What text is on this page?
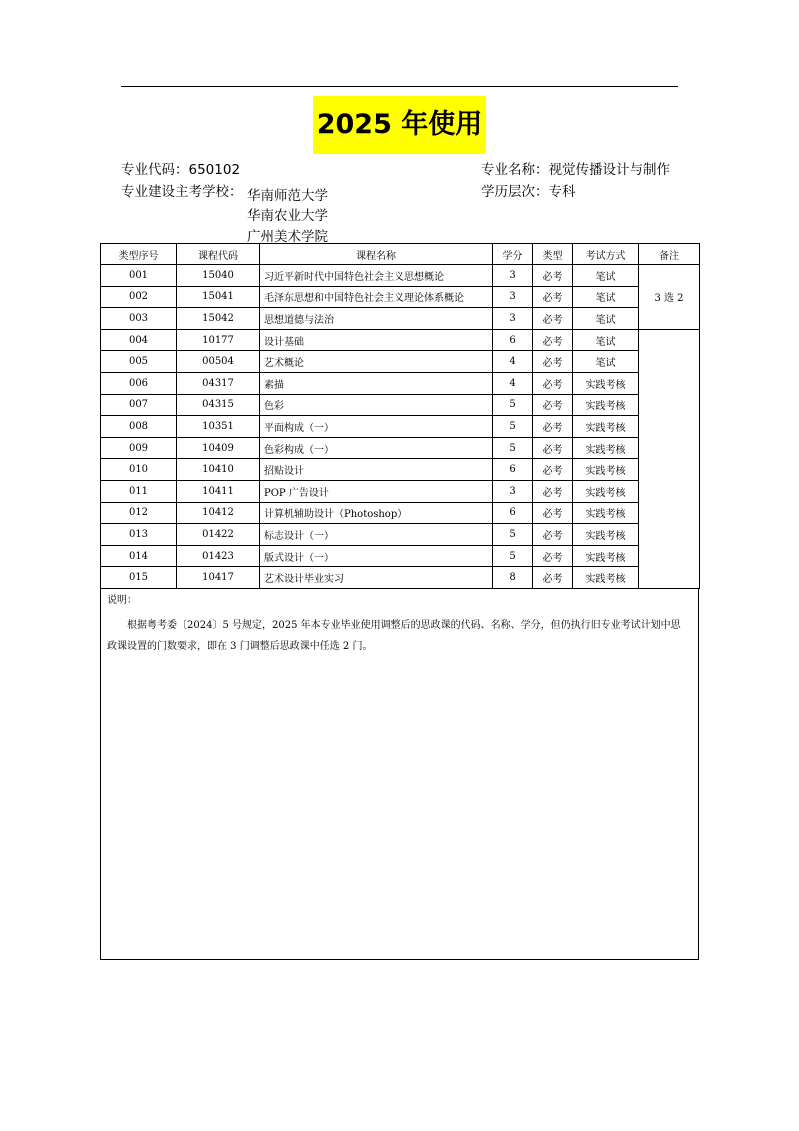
2025 年使用
专业代码：650102
专业建设主考学校： 华南师范大学
华南农业大学
广州美术学院
专业名称：视觉传播设计与制作
学历层次：专科
类型序号	课程代码	课程名称	学分	类型	考试方式	备注
001	15040	习近平新时代中国特色社会主义思想概论	3	必考	笔试	3 选 2
002	15041	毛泽东思想和中国特色社会主义理论体系概论	3	必考	笔试	
003	15042	思想道德与法治	3	必考	笔试	
004	10177	设计基础	6	必考	笔试	
005	00504	艺术概论	4	必考	笔试	
006	04317	素描	4	必考	实践考核	
007	04315	色彩	5	必考	实践考核	
008	10351	平面构成（一）	5	必考	实践考核	
009	10409	色彩构成（一）	5	必考	实践考核	
010	10410	招贴设计	6	必考	实践考核	
011	10411	POP 广告设计	3	必考	实践考核	
012	10412	计算机辅助设计（Photoshop）	6	必考	实践考核	
013	01422	标志设计（一）	5	必考	实践考核	
014	01423	版式设计（一）	5	必考	实践考核	
015	10417	艺术设计毕业实习	8	必考	实践考核	
说明：
根据粤考委〔2024〕5 号规定，2025 年本专业毕业使用调整后的思政课的代码、名称、学分，但仍执行旧专业考试计划中思政课设置的门数要求，即在 3 门调整后思政课中任选 2 门。
